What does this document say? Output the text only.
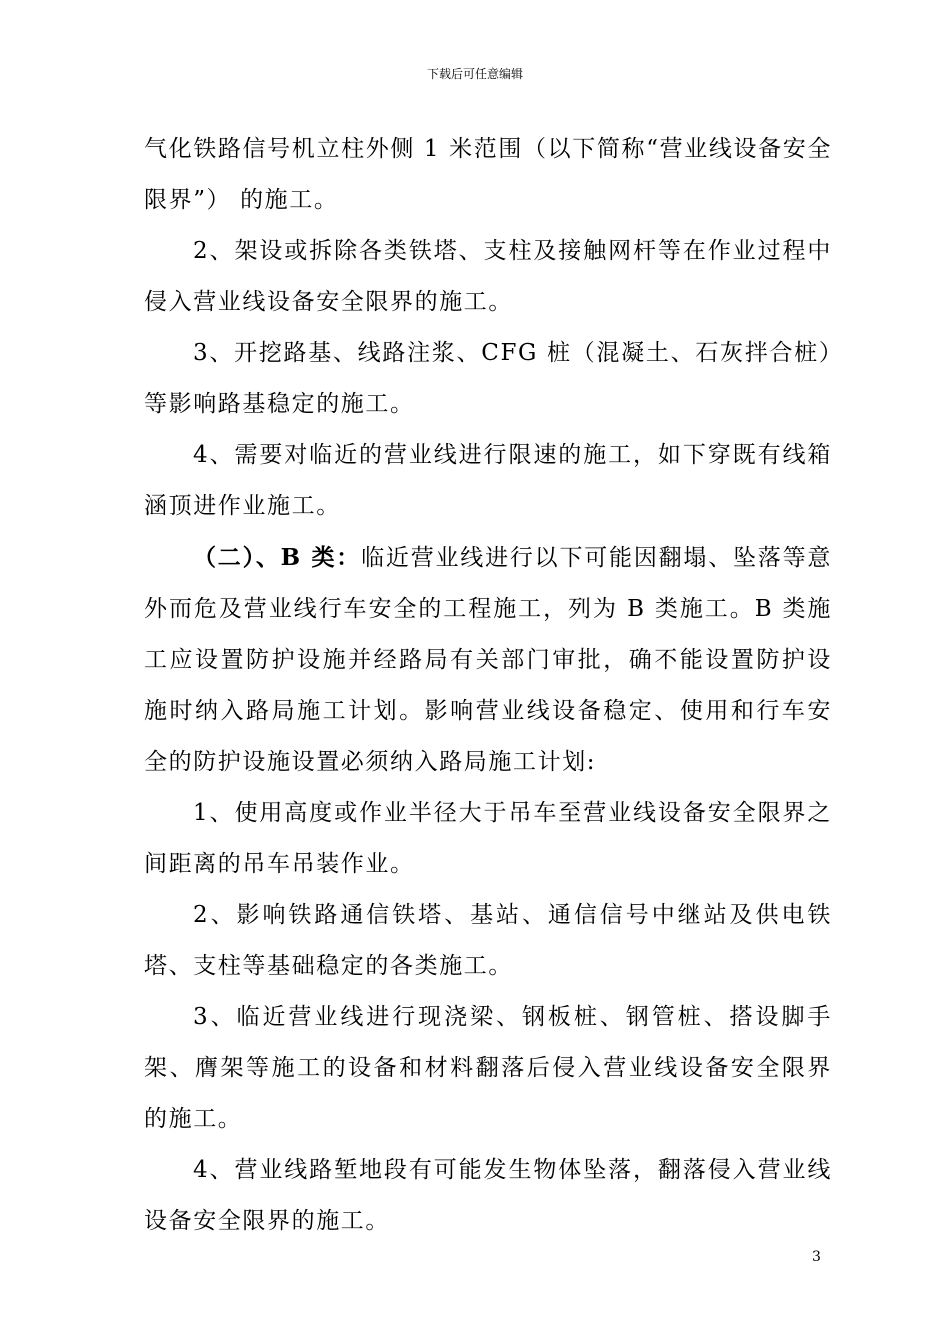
下载后可任意编辑

气化铁路信号机立柱外侧 1 米范围（以下简称“营业线设备安全限界”） 的施工。

2、架设或拆除各类铁塔、支柱及接触网杆等在作业过程中侵入营业线设备安全限界的施工。

3、开挖路基、线路注浆、CFG 桩（混凝土、石灰拌合桩）等影响路基稳定的施工。

4、需要对临近的营业线进行限速的施工，如下穿既有线箱涵顶进作业施工。

（二）、B 类：临近营业线进行以下可能因翻塌、坠落等意外而危及营业线行车安全的工程施工，列为 B 类施工。B 类施工应设置防护设施并经路局有关部门审批，确不能设置防护设施时纳入路局施工计划。影响营业线设备稳定、使用和行车安全的防护设施设置必须纳入路局施工计划:

1、使用高度或作业半径大于吊车至营业线设备安全限界之间距离的吊车吊装作业。

2、影响铁路通信铁塔、基站、通信信号中继站及供电铁塔、支柱等基础稳定的各类施工。

3、临近营业线进行现浇梁、钢板桩、钢管桩、搭设脚手架、膺架等施工的设备和材料翻落后侵入营业线设备安全限界的施工。

4、营业线路堑地段有可能发生物体坠落，翻落侵入营业线设备安全限界的施工。

3
